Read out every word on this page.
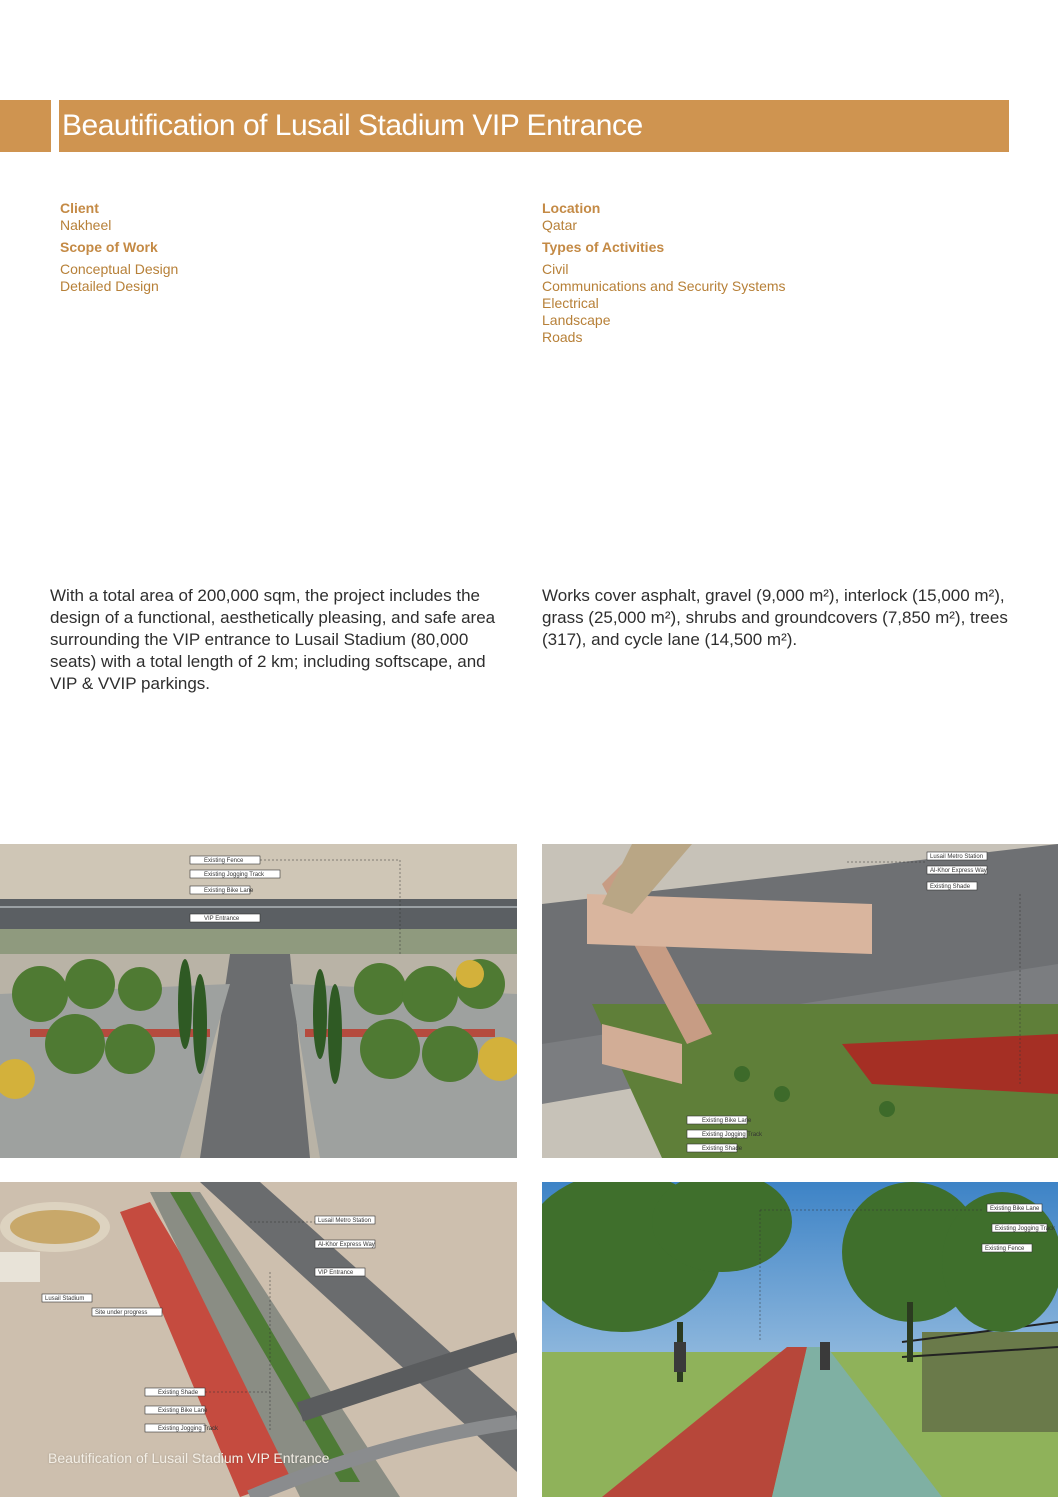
Beautification of Lusail Stadium VIP Entrance
Client
Nakheel
Scope of Work
Conceptual Design
Detailed Design
Location
Qatar
Types of Activities
Civil
Communications and Security Systems
Electrical
Landscape
Roads
With a total area of 200,000 sqm, the project includes the design of a functional, aesthetically pleasing, and safe area surrounding the VIP entrance to Lusail Stadium (80,000 seats) with a total length of 2 km; including softscape, and VIP & VVIP parkings.
Works cover asphalt, gravel (9,000 m²), interlock (15,000 m²), grass (25,000 m²), shrubs and groundcovers (7,850 m²), trees (317), and cycle lane (14,500 m²).
Existing Fence
Existing Jogging Track
Existing Bike Lane
VIP Entrance
Lusail Metro Station
Al-Khor Express Way
Existing Shade
Existing Bike Lane
Existing Jogging Track
Existing Shade
Lusail Metro Station
Al-Khor Express Way
VIP Entrance
Lusail Stadium
Site under progress
Existing Shade
Existing Bike Lane
Existing Jogging Track
Beautification of Lusail Stadium VIP Entrance
Existing Bike Lane
Existing Jogging Track
Existing Fence
